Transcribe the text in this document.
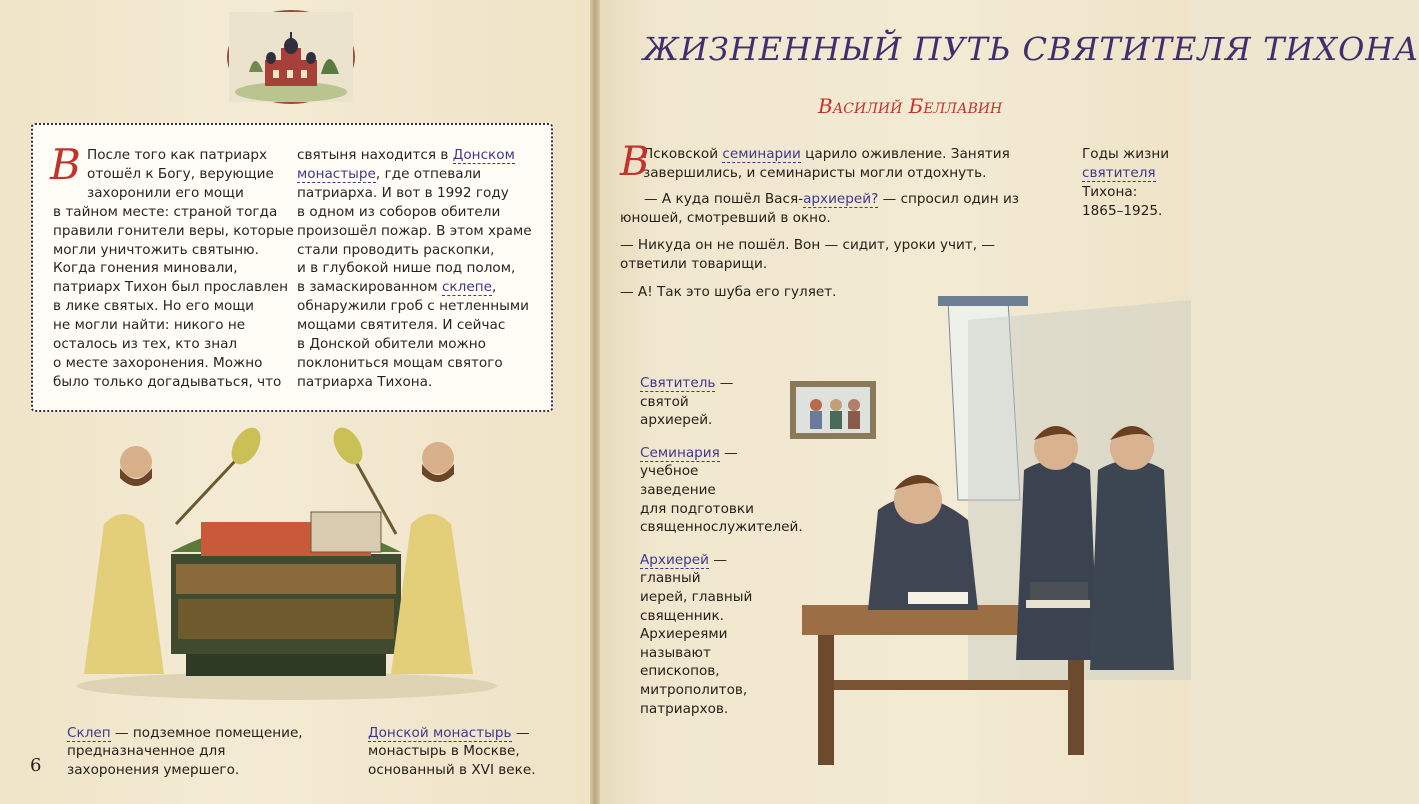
В После того как патриарх
отошёл к Богу, верующие
захоронили его мощи
в тайном месте: страной тогда
правили гонители веры, которые
могли уничтожить святыню.
Когда гонения миновали,
патриарх Тихон был прославлен
в лике святых. Но его мощи
не могли найти: никого не
осталось из тех, кто знал
о месте захоронения. Можно
было только догадываться, что
святыня находится в Донском
монастыре, где отпевали
патриарха. И вот в 1992 году
в одном из соборов обители
произошёл пожар. В этом храме
стали проводить раскопки,
и в глубокой нише под полом,
в замаскированном склепе,
обнаружили гроб с нетленными
мощами святителя. И сейчас
в Донской обители можно
поклониться мощам святого
патриарха Тихона.
Склеп — подземное помещение,
предназначенное для
захоронения умершего.
Донской монастырь —
монастырь в Москве,
основанный в XVI веке.
6
ЖИЗНЕННЫЙ ПУТЬ СВЯТИТЕЛЯ ТИХОНА
Василий Беллавин
В

Псковской семинарии царило оживление. Занятия
завершились, и семинаристы могли отдохнуть.

— А куда пошёл Вася-архиерей? — спросил один из
юношей, смотревший в окно.

— Никуда он не пошёл. Вон — сидит, уроки учит, —
ответили товарищи.

— А! Так это шуба его гуляет.

Годы жизни
святителя
Тихона:
1865–1925.
Святитель —
святой
архиерей.
Семинария —
учебное
заведение
для подготовки
священнослужителей.
Архиерей —
главный
иерей, главный
священник.
Архиереями
называют
епископов,
митрополитов,
патриархов.
